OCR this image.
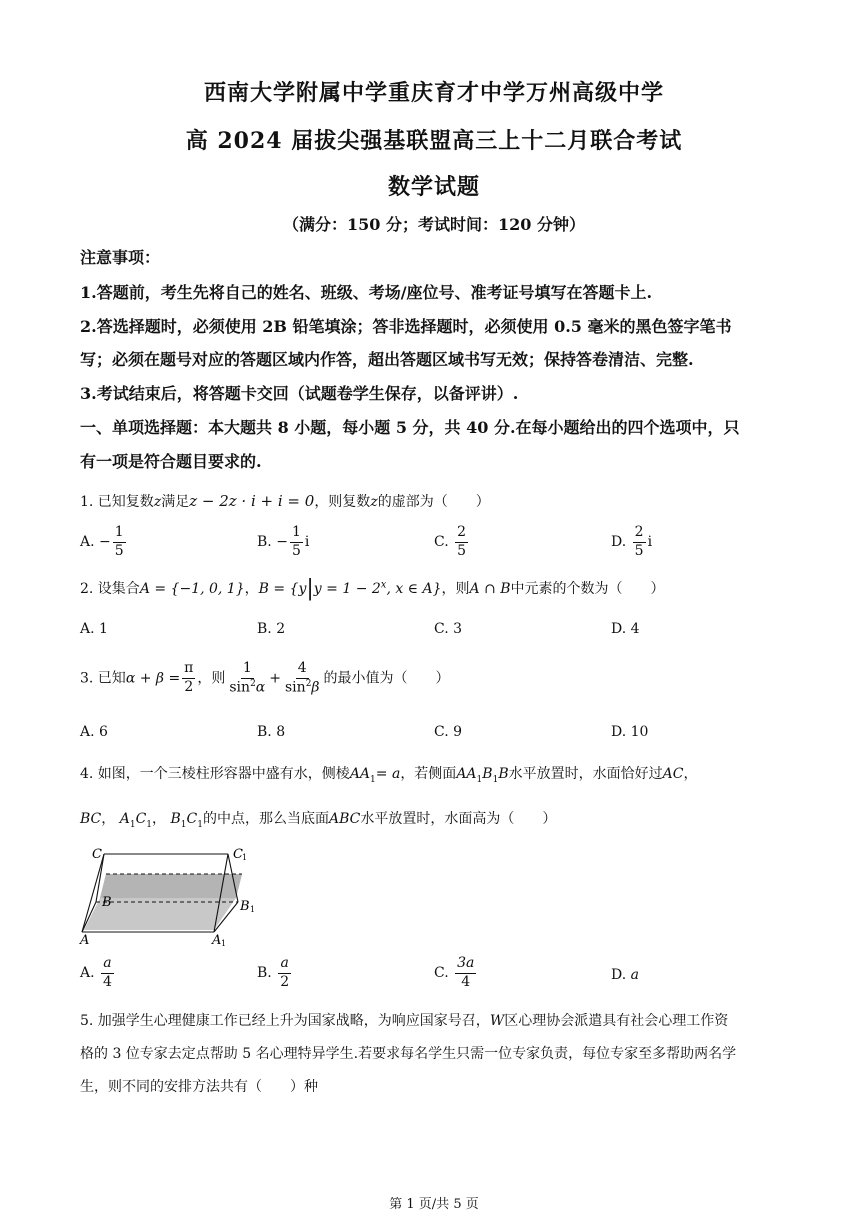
西南大学附属中学重庆育才中学万州高级中学
高 2024 届拔尖强基联盟高三上十二月联合考试
数学试题
（满分：150 分；考试时间：120 分钟）
注意事项：
1.答题前，考生先将自己的姓名、班级、考场/座位号、准考证号填写在答题卡上.
2.答选择题时，必须使用 2B 铅笔填涂；答非选择题时，必须使用 0.5 毫米的黑色签字笔书
写；必须在题号对应的答题区域内作答，超出答题区域书写无效；保持答卷清洁、完整.
3.考试结束后，将答题卡交回（试题卷学生保存，以备评讲）.
一、单项选择题：本大题共 8 小题，每小题 5 分，共 40 分.在每小题给出的四个选项中，只
有一项是符合题目要求的.
1. 已知复数z满足z − 2z · i + i = 0，则复数z的虚部为（　　）
A. − $\frac{1}{5}$	B. − $\frac{1}{5}$ i	C. $\frac{2}{5}$	D. $\frac{2}{5}$ i
2. 设集合A = {−1, 0, 1}，$B = \{y|y = 1 - 2^x$, x ∈ A}，则A ∩ B中元素的个数为（　　）
A. 1	B. 2	C. 3	D. 4
3. 已知$\alpha + \beta = \frac{\pi}{2}$ ，则 $\frac{1}{\sin^2\alpha} + \frac{4}{\sin^2\beta}$ 的最小值为（　　）
A. 6	B. 8	C. 9	D. 10
4. 如图，一个三棱柱形容器中盛有水，侧棱$AA_1= a$，若侧面$AA_1B_1B$水平放置时，水面恰好过AC，
BC， $A_1C_1$， $B_1C_1$的中点，那么当底面ABC水平放置时，水面高为（　　）
C	C 1
B	B 1
A	A 1
A. $\frac{a}{4}$	B. $\frac{a}{2}$	C. $\frac{3a}{4}$	D. a
5. 加强学生心理健康工作已经上升为国家战略，为响应国家号召，W区心理协会派遣具有社会心理工作资
格的 3 位专家去定点帮助 5 名心理特异学生.若要求每名学生只需一位专家负责，每位专家至多帮助两名学
生，则不同的安排方法共有（　　）种
第 1 页/共 5 页
